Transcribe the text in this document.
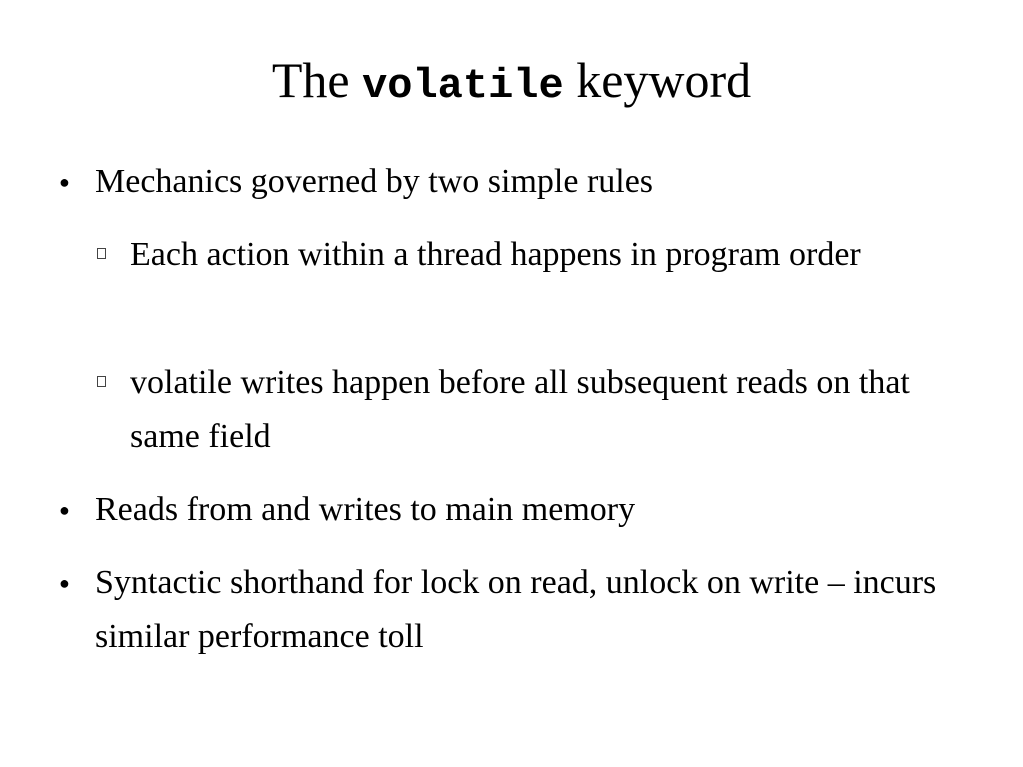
The volatile keyword
● Mechanics governed by two simple rules
Each action within a thread happens in program order
volatile writes happen before all subsequent reads on that same field
● Reads from and writes to main memory
● Syntactic shorthand for lock on read, unlock on write – incurs similar performance toll
